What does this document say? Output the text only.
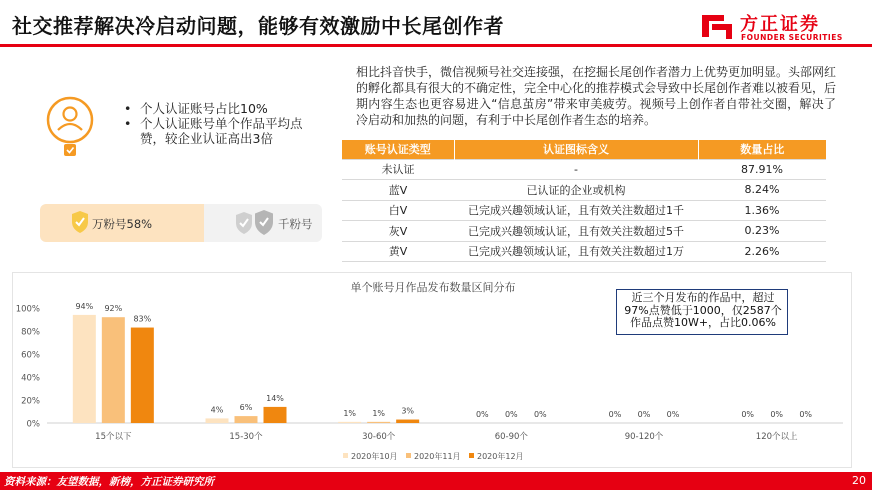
社交推荐解决冷启动问题，能够有效激励中长尾创作者	方正证券
FOUNDER SECURITIES
• 个人认证账号占比10%
• 个人认证账号单个作品平均点赞，较企业认证高出3倍
万粉号58%	千粉号
相比抖音快手，微信视频号社交连接强，在挖掘长尾创作者潜力上优势更加明显。头部网红的孵化都具有很大的不确定性，完全中心化的推荐模式会导致中长尾创作者难以被看见，后期内容生态也更容易进入“信息茧房”带来审美疲劳。视频号上创作者自带社交圈，解决了冷启动和加热的问题，有利于中长尾创作者生态的培养。
账号认证类型	认证图标含义	数量占比
未认证	-	87.91%
蓝V	已认证的企业或机构	8.24%
白V	已完成兴趣领域认证，且有效关注数超过1千	1.36%
灰V	已完成兴趣领域认证，且有效关注数超过5千	0.23%
黄V	已完成兴趣领域认证，且有效关注数超过1万	2.26%
单个账号月作品发布数量区间分布
0%
20%
40%
60%
80%
100%
15个以下
94% 92%
83%
15-30个
4% 6%
14%
30-60个
1% 1% 3%
60-90个
0% 0% 0%
90-120个
0% 0% 0%
120个以上
0% 0% 0%
2020年10月 2020年11月 2020年12月
近三个月发布的作品中，超过97%点赞低于1000，仅2587个作品点赞10W+，占比0.06%
资料来源：友望数据，新榜，方正证券研究所	20
